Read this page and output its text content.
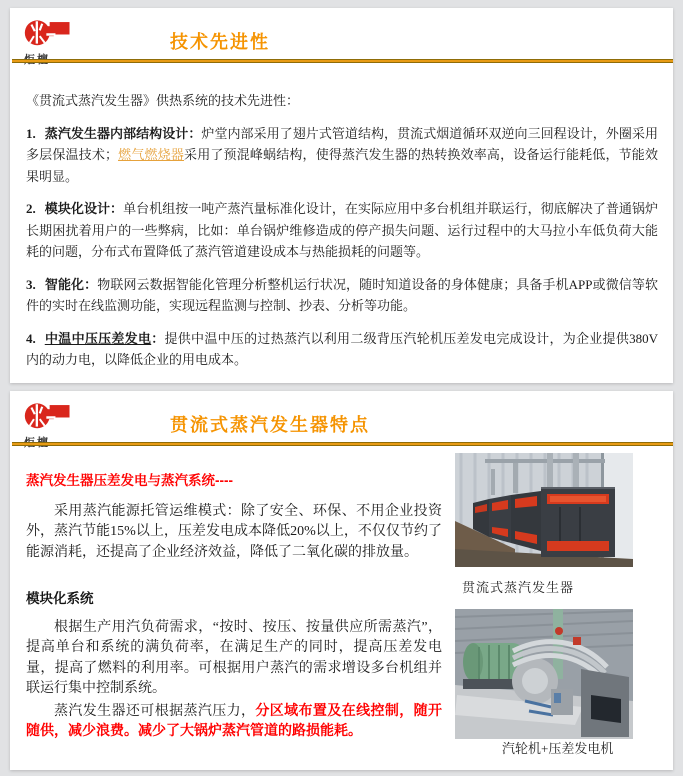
技术先进性

《贯流式蒸汽发生器》供热系统的技术先进性：

1. 蒸汽发生器内部结构设计：炉堂内部采用了翅片式管道结构，贯流式烟道循环双逆向三回程设计，外圈采用多层保温技术；燃气燃烧器采用了预混峰蜗结构，使得蒸汽发生器的热转换效率高，设备运行能耗低，节能效果明显。

2. 模块化设计：单台机组按一吨产蒸汽量标准化设计，在实际应用中多台机组并联运行，彻底解决了普通锅炉长期困扰着用户的一些弊病，比如：单台锅炉维修造成的停产损失问题、运行过程中的大马拉小车低负荷大能耗的问题，分布式布置降低了蒸汽管道建设成本与热能损耗的问题等。

3. 智能化：物联网云数据智能化管理分析整机运行状况，随时知道设备的身体健康；具备手机APP或微信等软件的实时在线监测功能，实现远程监测与控制、抄表、分析等功能。

4. 中温中压压差发电：提供中温中压的过热蒸汽以利用二级背压汽轮机压差发电完成设计，为企业提供380V内的动力电，以降低企业的用电成本。

贯流式蒸汽发生器特点
蒸汽发生器压差发电与蒸汽系统----

采用蒸汽能源托管运维模式：除了安全、环保、不用企业投资外，蒸汽节能15%以上，压差发电成本降低20%以上，不仅仅节约了能源消耗，还提高了企业经济效益，降低了二氧化碳的排放量。

模块化系统

根据生产用汽负荷需求，“按时、按压、按量供应所需蒸汽”，提高单台和系统的满负荷率，在满足生产的同时，提高压差发电量，提高了燃料的利用率。可根据用户蒸汽的需求增设多台机组并联运行集中控制系统。

蒸汽发生器还可根据蒸汽压力，分区域布置及在线控制，随开随供，减少浪费。减少了大锅炉蒸汽管道的路损能耗。

贯流式蒸汽发生器
汽轮机+压差发电机
